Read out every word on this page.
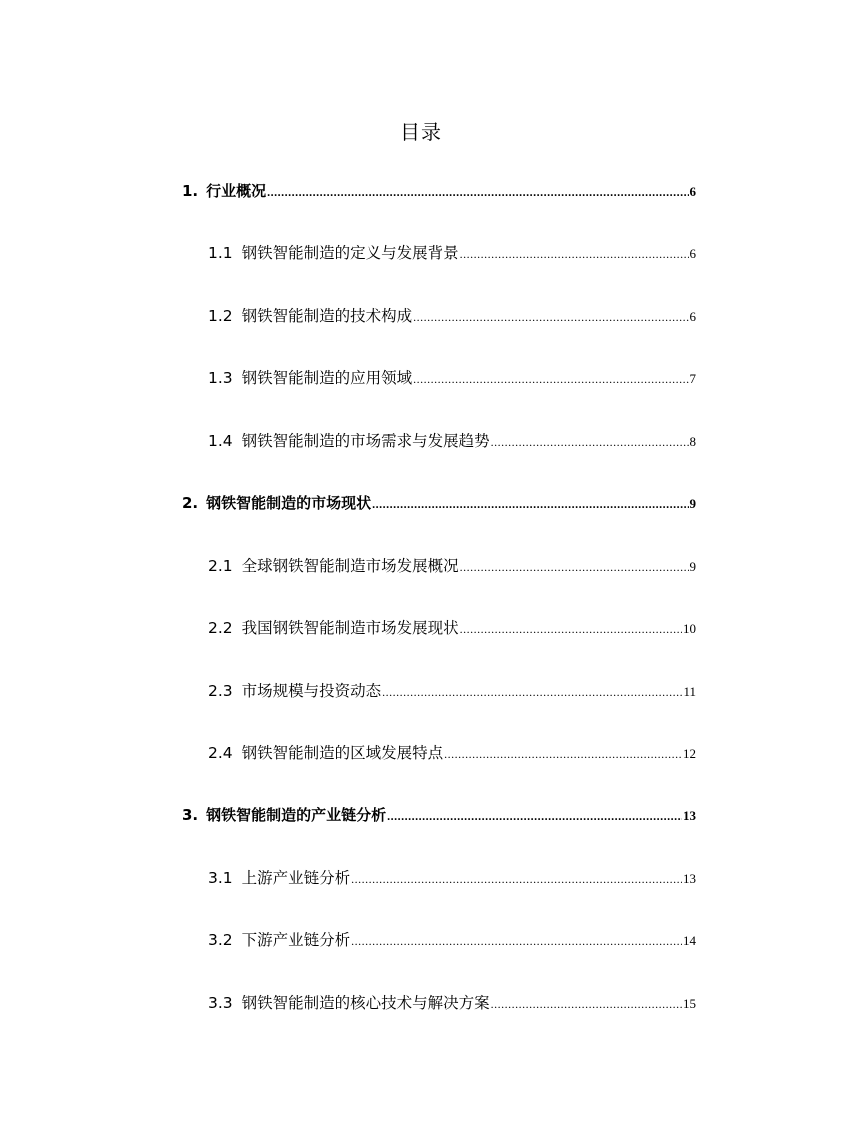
目录
1. 行业概况 .....	6
1.1 钢铁智能制造的定义与发展背景 .....	6
1.2 钢铁智能制造的技术构成 .....	6
1.3 钢铁智能制造的应用领域 .....	7
1.4 钢铁智能制造的市场需求与发展趋势 .....	8
2. 钢铁智能制造的市场现状 .....	9
2.1 全球钢铁智能制造市场发展概况 .....	9
2.2 我国钢铁智能制造市场发展现状 .....	10
2.3 市场规模与投资动态 .....	11
2.4 钢铁智能制造的区域发展特点 .....	12
3. 钢铁智能制造的产业链分析 .....	13
3.1 上游产业链分析 .....	13
3.2 下游产业链分析 .....	14
3.3 钢铁智能制造的核心技术与解决方案 .....	15
